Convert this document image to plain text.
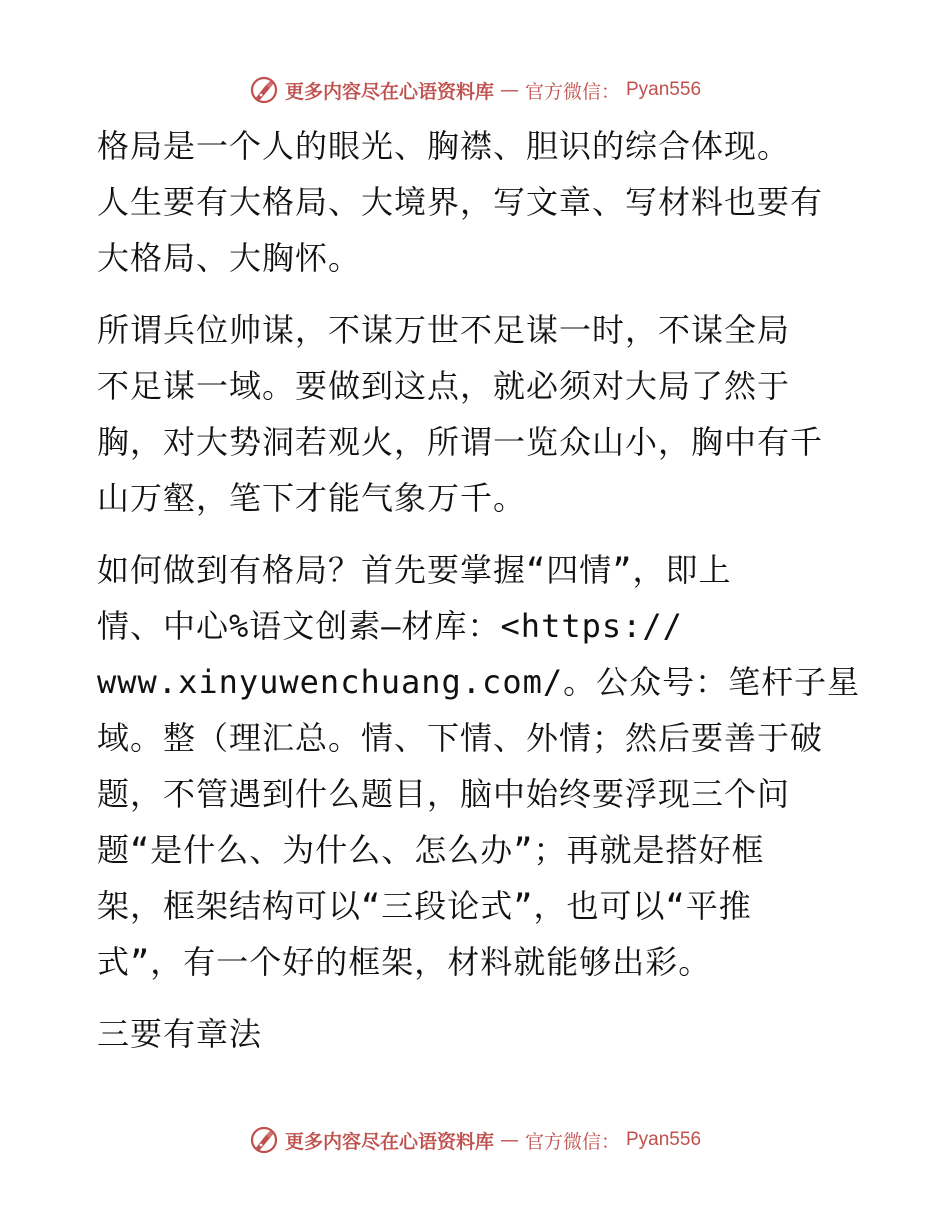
更多内容尽在心语资料库 — 官方微信： Pyan556

格局是一个人的眼光、胸襟、胆识的综合体现。
人生要有大格局、大境界，写文章、写材料也要有
大格局、大胸怀。

所谓兵位帅谋，不谋万世不足谋一时，不谋全局
不足谋一域。要做到这点，就必须对大局了然于
胸，对大势洞若观火，所谓一览众山小，胸中有千
山万壑，笔下才能气象万千。

如何做到有格局？首先要掌握“四情”，即上
情、中心%语文创素—材库：<https://
www.xinyuwenchuang.com/。公众号：笔杆子星
域。整（理汇总。情、下情、外情；然后要善于破
题，不管遇到什么题目，脑中始终要浮现三个问
题“是什么、为什么、怎么办”；再就是搭好框
架，框架结构可以“三段论式”，也可以“平推
式”，有一个好的框架，材料就能够出彩。

三要有章法

更多内容尽在心语资料库 — 官方微信： Pyan556
